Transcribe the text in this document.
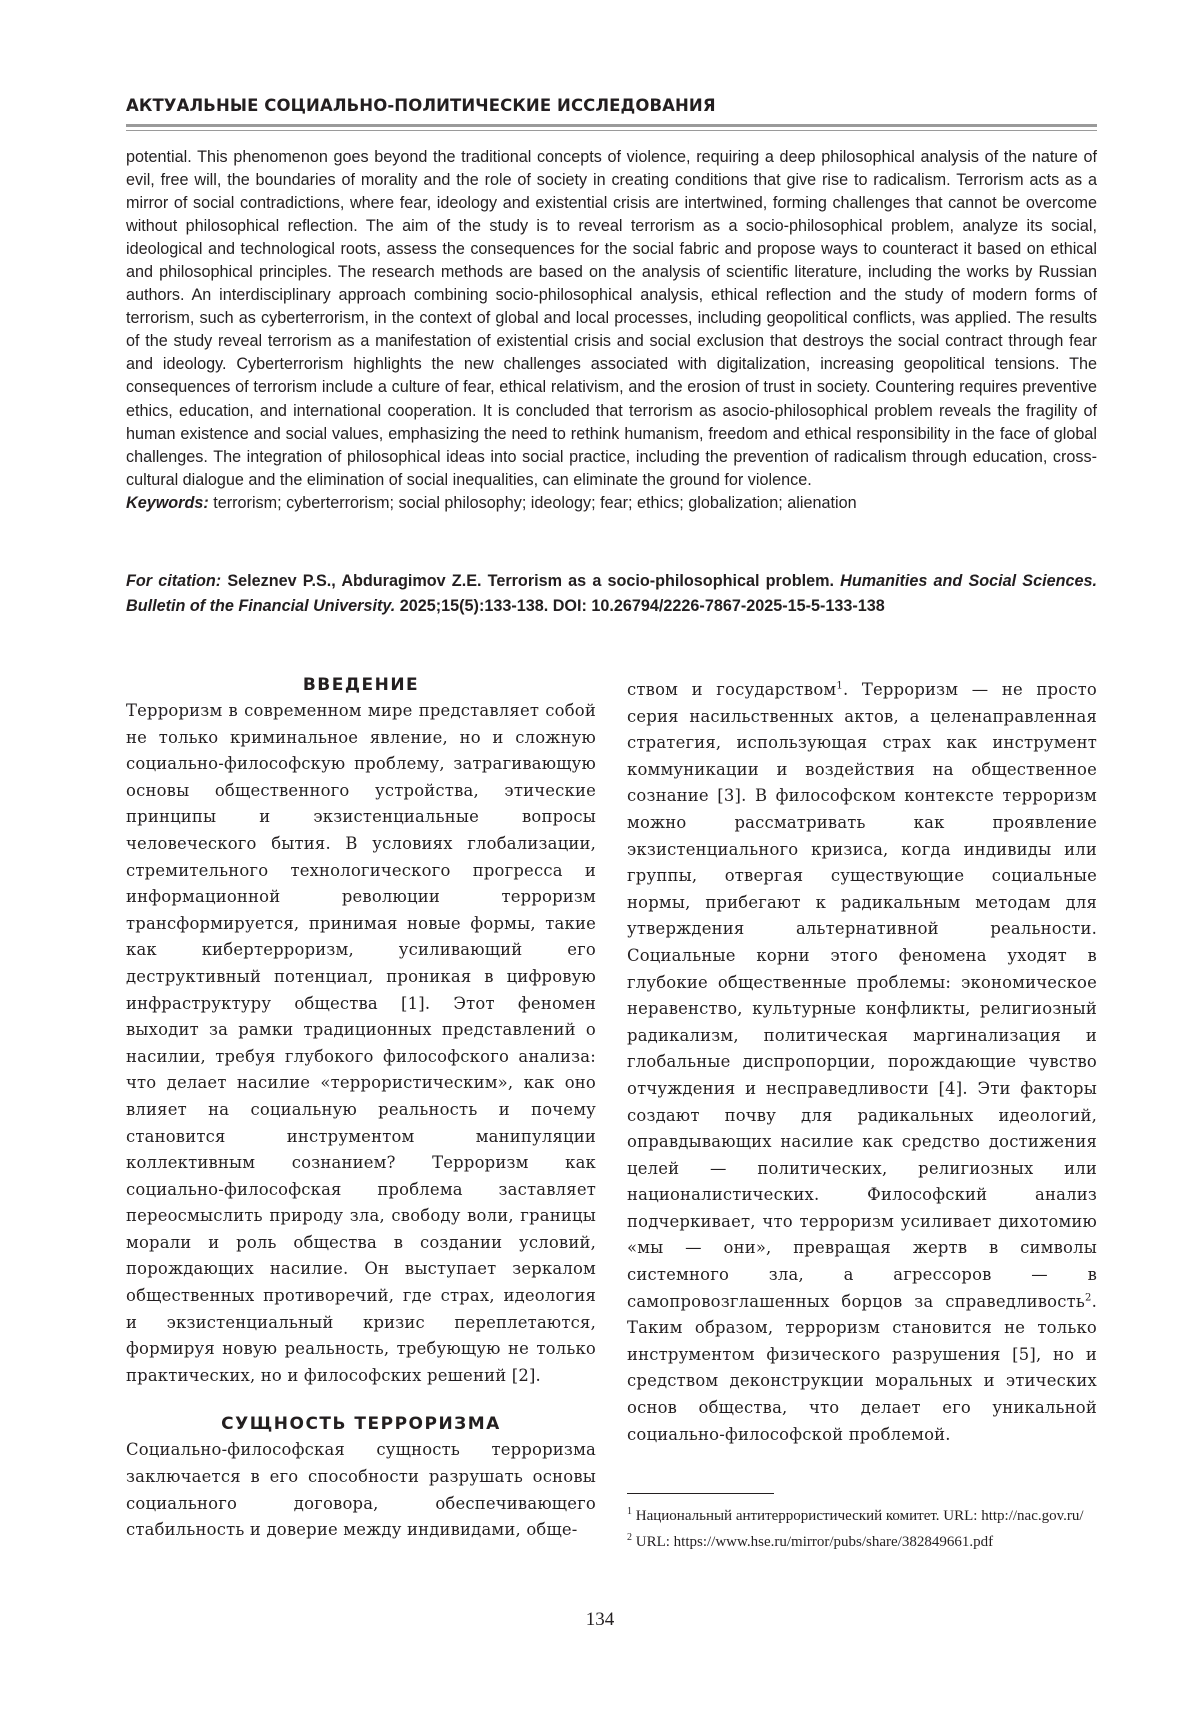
АКТУАЛЬНЫЕ СОЦИАЛЬНО-ПОЛИТИЧЕСКИЕ ИССЛЕДОВАНИЯ

potential. This phenomenon goes beyond the traditional concepts of violence, requiring a deep philosophical analysis of the nature of evil, free will, the boundaries of morality and the role of society in creating conditions that give rise to radicalism. Terrorism acts as a mirror of social contradictions, where fear, ideology and existential crisis are intertwined, forming challenges that cannot be overcome without philosophical reflection. The aim of the study is to reveal terrorism as a socio-philosophical problem, analyze its social, ideological and technological roots, assess the consequences for the social fabric and propose ways to counteract it based on ethical and philosophical principles. The research methods are based on the analysis of scientific literature, including the works by Russian authors. An interdisciplinary approach combining socio-philosophical analysis, ethical reflection and the study of modern forms of terrorism, such as cyberterrorism, in the context of global and local processes, including geopolitical conflicts, was applied. The results of the study reveal terrorism as a manifestation of existential crisis and social exclusion that destroys the social contract through fear and ideology. Cyberterrorism highlights the new challenges associated with digitalization, increasing geopolitical tensions. The consequences of terrorism include a culture of fear, ethical relativism, and the erosion of trust in society. Countering requires preventive ethics, education, and international cooperation. It is concluded that terrorism as asocio-philosophical problem reveals the fragility of human existence and social values, emphasizing the need to rethink humanism, freedom and ethical responsibility in the face of global challenges. The integration of philosophical ideas into social practice, including the prevention of radicalism through education, cross-cultural dialogue and the elimination of social inequalities, can eliminate the ground for violence.

Keywords: terrorism; cyberterrorism; social philosophy; ideology; fear; ethics; globalization; alienation

For citation: Seleznev P.S., Abduragimov Z.E. Terrorism as a socio-philosophical problem. Humanities and Social Sciences. Bulletin of the Financial University. 2025;15(5):133-138. DOI: 10.26794/2226-7867-2025-15-5-133-138
ВВЕДЕНИЕ

Терроризм в современном мире представляет собой не только криминальное явление, но и сложную социально-философскую проблему, затрагивающую основы общественного устройства, этические принципы и экзистенциальные вопросы человеческого бытия. В условиях глобализации, стремительного технологического прогресса и информационной революции терроризм трансформируется, принимая новые формы, такие как кибертерроризм, усиливающий его деструктивный потенциал, проникая в цифровую инфраструктуру общества [1]. Этот феномен выходит за рамки традиционных представлений о насилии, требуя глубокого философского анализа: что делает насилие «террористическим», как оно влияет на социальную реальность и почему становится инструментом манипуляции коллективным сознанием? Терроризм как социально-философская проблема заставляет переосмыслить природу зла, свободу воли, границы морали и роль общества в создании условий, порождающих насилие. Он выступает зеркалом общественных противоречий, где страх, идеология и экзистенциальный кризис переплетаются, формируя новую реальность, требующую не только практических, но и философских решений [2].

СУЩНОСТЬ ТЕРРОРИЗМА

Социально-философская сущность терроризма заключается в его способности разрушать основы социального договора, обеспечивающего стабильность и доверие между индивидами, обще-

ством и государством$^1$. Терроризм — не просто серия насильственных актов, а целенаправленная стратегия, использующая страх как инструмент коммуникации и воздействия на общественное сознание [3]. В философском контексте терроризм можно рассматривать как проявление экзистенциального кризиса, когда индивиды или группы, отвергая существующие социальные нормы, прибегают к радикальным методам для утверждения альтернативной реальности. Социальные корни этого феномена уходят в глубокие общественные проблемы: экономическое неравенство, культурные конфликты, религиозный радикализм, политическая маргинализация и глобальные диспропорции, порождающие чувство отчуждения и несправедливости [4]. Эти факторы создают почву для радикальных идеологий, оправдывающих насилие как средство достижения целей — политических, религиозных или националистических. Философский анализ подчеркивает, что терроризм усиливает дихотомию «мы — они», превращая жертв в символы системного зла, а агрессоров — в самопровозглашенных борцов за справедливость$^2$. Таким образом, терроризм становится не только инструментом физического разрушения [5], но и средством деконструкции моральных и этических основ общества, что делает его уникальной социально-философской проблемой.

$^1$ Национальный антитеррористический комитет. URL: http://nac.gov.ru/

$^2$ URL: https://www.hse.ru/mirror/pubs/share/382849661.pdf

134
